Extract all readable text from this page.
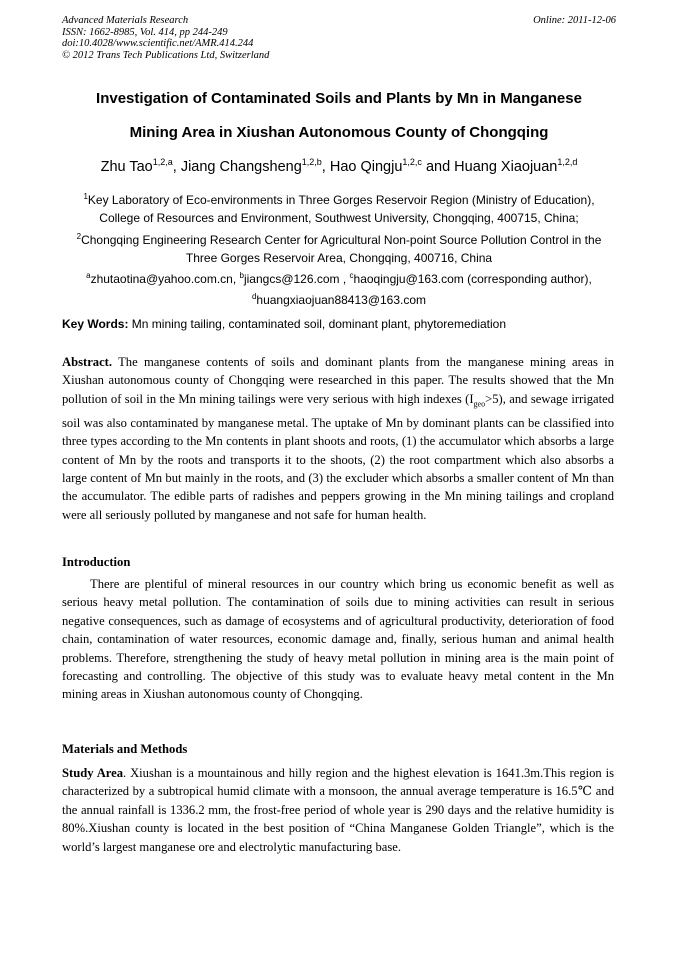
Advanced Materials Research
ISSN: 1662-8985, Vol. 414, pp 244-249
doi:10.4028/www.scientific.net/AMR.414.244
© 2012 Trans Tech Publications Ltd, Switzerland
Online: 2011-12-06
Investigation of Contaminated Soils and Plants by Mn in Manganese
Mining Area in Xiushan Autonomous County of Chongqing
Zhu Tao$^{1,2,a}$, Jiang Changsheng$^{1,2,b}$, Hao Qingju$^{1,2,c}$ and Huang Xiaojuan$^{1,2,d}$
$^1$Key Laboratory of Eco-environments in Three Gorges Reservoir Region (Ministry of Education),
College of Resources and Environment, Southwest University, Chongqing, 400715, China;
$^2$Chongqing Engineering Research Center for Agricultural Non-point Source Pollution Control in the
Three Gorges Reservoir Area, Chongqing, 400716, China
$^a$zhutaotina@yahoo.com.cn, $^b$jiangcs@126.com , $^c$haoqingju@163.com (corresponding author),
$^d$huangxiaojuan88413@163.com
Key Words: Mn mining tailing, contaminated soil, dominant plant, phytoremediation
Abstract. The manganese contents of soils and dominant plants from the manganese mining areas in Xiushan autonomous county of Chongqing were researched in this paper. The results showed that the Mn pollution of soil in the Mn mining tailings were very serious with high indexes $(I_{geo}>5)$, and sewage irrigated soil was also contaminated by manganese metal. The uptake of Mn by dominant plants can be classified into three types according to the Mn contents in plant shoots and roots, (1) the accumulator which absorbs a large content of Mn by the roots and transports it to the shoots, (2) the root compartment which also absorbs a large content of Mn but mainly in the roots, and (3) the excluder which absorbs a smaller content of Mn than the accumulator. The edible parts of radishes and peppers growing in the Mn mining tailings and cropland were all seriously polluted by manganese and not safe for human health.
Introduction
There are plentiful of mineral resources in our country which bring us economic benefit as well as serious heavy metal pollution. The contamination of soils due to mining activities can result in serious negative consequences, such as damage of ecosystems and of agricultural productivity, deterioration of food chain, contamination of water resources, economic damage and, finally, serious human and animal health problems. Therefore, strengthening the study of heavy metal pollution in mining area is the main point of forecasting and controlling. The objective of this study was to evaluate heavy metal content in the Mn mining areas in Xiushan autonomous county of Chongqing.
Materials and Methods
Study Area. Xiushan is a mountainous and hilly region and the highest elevation is 1641.3m.This region is characterized by a subtropical humid climate with a monsoon, the annual average temperature is 16.5℃ and the annual rainfall is 1336.2 mm, the frost-free period of whole year is 290 days and the relative humidity is 80%.Xiushan county is located in the best position of “China Manganese Golden Triangle”, which is the world’s largest manganese ore and electrolytic manufacturing base.
